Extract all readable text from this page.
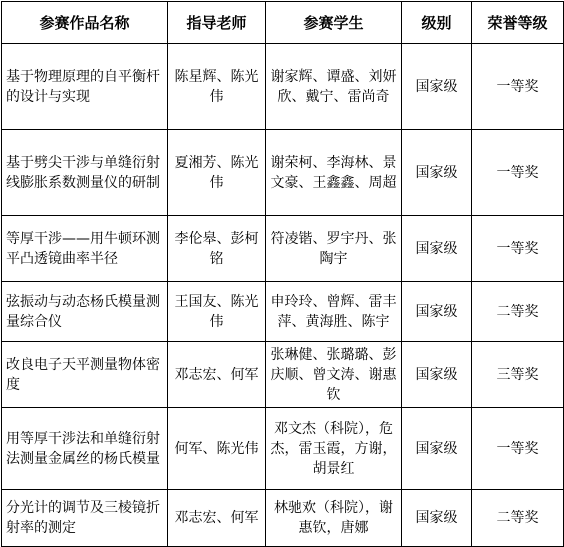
参赛作品名称	指导老师	参赛学生	级别	荣誉等级
基于物理原理的自平衡杆的设计与实现	陈星辉、陈光伟	谢家辉、谭盛、刘妍欣、戴宁、雷尚奇	国家级	一等奖
基于劈尖干涉与单缝衍射线膨胀系数测量仪的研制	夏湘芳、陈光伟	谢荣柯、李海林、景文豪、王鑫鑫、周超	国家级	一等奖
等厚干涉——用牛顿环测平凸透镜曲率半径	李伦皋、彭柯铭	符凌锴、罗宇丹、张陶宇	国家级	一等奖
弦振动与动态杨氏模量测量综合仪	王国友、陈光伟	申玲玲、曾辉、雷丰萍、黄海胜、陈宇	国家级	二等奖
改良电子天平测量物体密度	邓志宏、何军	张琳健、张璐璐、彭庆顺、曾文涛、谢惠钦	国家级	三等奖
用等厚干涉法和单缝衍射法测量金属丝的杨氏模量	何军、陈光伟	邓文杰（科院），危杰，雷玉霞，方谢，胡景红	国家级	一等奖
分光计的调节及三棱镜折射率的测定	邓志宏、何军	林驰欢（科院），谢惠钦，唐娜	国家级	二等奖
